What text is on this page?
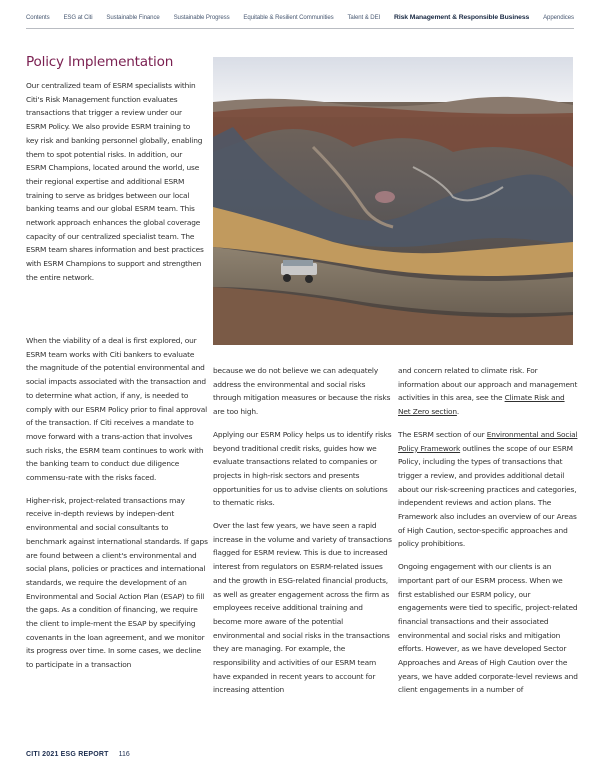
Contents ESG at Citi Sustainable Finance Sustainable Progress Equitable & Resilient Communities Talent & DEI Risk Management & Responsible Business Appendices
Policy Implementation

Our centralized team of ESRM specialists within Citi's Risk Management function evaluates transactions that trigger a review under our ESRM Policy. We also provide ESRM training to key risk and banking personnel globally, enabling them to spot potential risks. In addition, our ESRM Champions, located around the world, use their regional expertise and additional ESRM training to serve as bridges between our local banking teams and our global ESRM team. This network approach enhances the global coverage capacity of our centralized specialist team. The ESRM team shares information and best practices with ESRM Champions to support and strengthen the entire network.

When the viability of a deal is first explored, our ESRM team works with Citi bankers to evaluate the magnitude of the potential environmental and social impacts associated with the transaction and to determine what action, if any, is needed to comply with our ESRM Policy prior to final approval of the transaction. If Citi receives a mandate to move forward with a trans-action that involves such risks, the ESRM team continues to work with the banking team to conduct due diligence commensu-rate with the risks faced.

Higher-risk, project-related transactions may receive in-depth reviews by indepen-dent environmental and social consultants to benchmark against international standards. If gaps are found between a client's environmental and social plans, policies or practices and international standards, we require the development of an Environmental and Social Action Plan (ESAP) to fill the gaps. As a condition of financing, we require the client to imple-ment the ESAP by specifying covenants in the loan agreement, and we monitor its progress over time. In some cases, we decline to participate in a transaction

because we do not believe we can adequately address the environmental and social risks through mitigation measures or because the risks are too high.

Applying our ESRM Policy helps us to identify risks beyond traditional credit risks, guides how we evaluate transactions related to companies or projects in high-risk sectors and presents opportunities for us to advise clients on solutions to thematic risks.

Over the last few years, we have seen a rapid increase in the volume and variety of transactions flagged for ESRM review. This is due to increased interest from regulators on ESRM-related issues and the growth in ESG-related financial products, as well as greater engagement across the firm as employees receive additional training and become more aware of the potential environmental and social risks in the transactions they are managing. For example, the responsibility and activities of our ESRM team have expanded in recent years to account for increasing attention

and concern related to climate risk. For information about our approach and management activities in this area, see the Climate Risk and Net Zero section.

The ESRM section of our Environmental and Social Policy Framework outlines the scope of our ESRM Policy, including the types of transactions that trigger a review, and provides additional detail about our risk-screening practices and categories, independent reviews and action plans. The Framework also includes an overview of our Areas of High Caution, sector-specific approaches and policy prohibitions.

Ongoing engagement with our clients is an important part of our ESRM process. When we first established our ESRM policy, our engagements were tied to specific, project-related financial transactions and their associated environmental and social risks and mitigation efforts. However, as we have developed Sector Approaches and Areas of High Caution over the years, we have added corporate-level reviews and client engagements in a number of

CITI 2021 ESG REPORT 116
